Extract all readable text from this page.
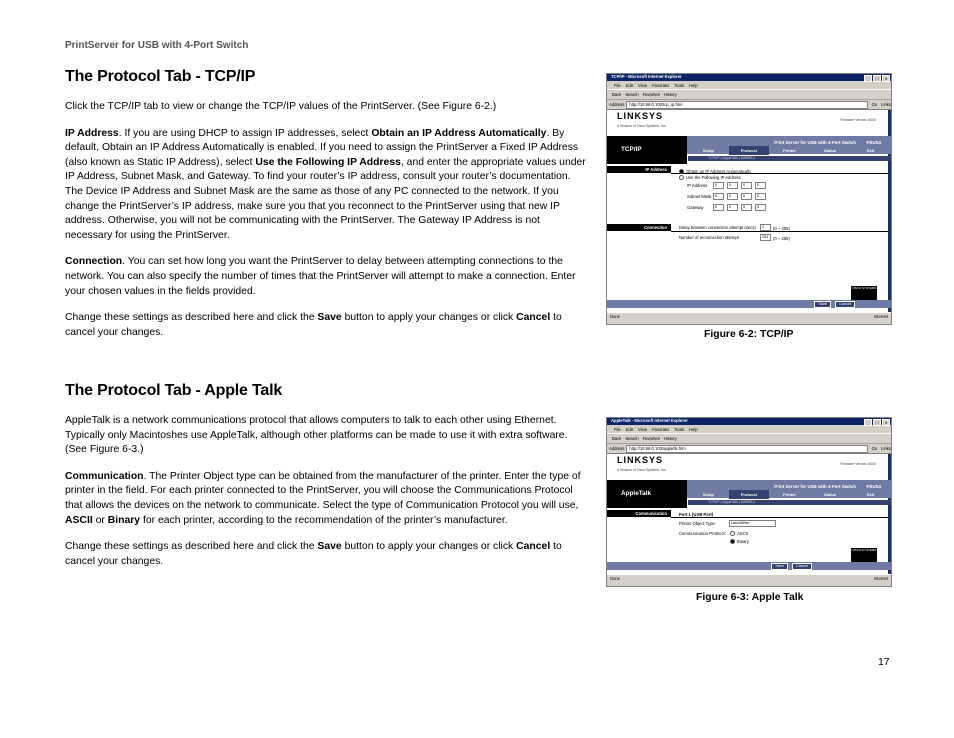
PrintServer for USB with 4-Port Switch
The Protocol Tab - TCP/IP

Click the TCP/IP tab to view or change the TCP/IP values of the PrintServer. (See Figure 6-2.)

IP Address. If you are using DHCP to assign IP addresses, select Obtain an IP Address Automatically. By default, Obtain an IP Address Automatically is enabled. If you need to assign the PrintServer a Fixed IP Address (also known as Static IP Address), select Use the Following IP Address, and enter the appropriate values under IP Address, Subnet Mask, and Gateway. To find your router’s IP address, consult your router’s documentation. The Device IP Address and Subnet Mask are the same as those of any PC connected to the network. If you change the PrintServer’s IP address, make sure you that you reconnect to the PrintServer using that new IP address. Otherwise, you will not be communicating with the PrintServer. The Gateway IP Address is not necessary for using the PrintServer.

Connection. You can set how long you want the PrintServer to delay between attempting connections to the network. You can also specify the number of times that the PrintServer will attempt to make a connection. Enter your chosen values in the fields provided.

Change these settings as described here and click the Save button to apply your changes or click Cancel to cancel your changes.

The Protocol Tab - Apple Talk

AppleTalk is a network communications protocol that allows computers to talk to each other using Ethernet. Typically only Macintoshes use AppleTalk, although other platforms can be made to use it with extra software. (See Figure 6-3.)

Communication. The Printer Object type can be obtained from the manufacturer of the printer. Enter the type of printer in the field. For each printer connected to the PrintServer, you will choose the Communications Protocol that allows the devices on the network to communicate. Select the type of Communication Protocol you will use, ASCII or Binary for each printer, according to the recommendation of the printer’s manufacturer.

Change these settings as described here and click the Save button to apply your changes or click Cancel to cancel your changes.

TCP/IP - Microsoft Internet Explorer	_	□	×
File Edit View Favorites Tools Help
Back Search Favorites History
Address	http://10.99.0.100/tcp_ip.htm	Go Links
LINKSYS
A Division of Cisco Systems, Inc.
Firmware Version: 6034
TCP/IP
Print Server for USB with 4-Port Switch PSUS4
Setup	Protocol	Printer	Status	Exit
TCP/IP | AppleTalk | NetBEUI
IP Address	Obtain an IP Address Automatically
Use the Following IP Address
IP Address	0	0	0	0
Subnet Mask 0	0	0	0
Gateway	0	0	0	0
Connection	Delay between connection attempt (secs)	2	(0 ~ 255)
Number of reconnection attempt	254	(0 ~ 255)
CISCO SYSTEMS
Save	Cancel
Done	Internet
Figure 6-2: TCP/IP
AppleTalk - Microsoft Internet Explorer	_	□	×
File Edit View Favorites Tools Help
Back Search Favorites History
Address	http://10.99.0.100/appletlk.htm	Go Links
LINKSYS
A Division of Cisco Systems, Inc.
Firmware Version: 6034
AppleTalk
Print Server for USB with 4-Port Switch PSUS4
Setup	Protocol	Printer	Status	Exit
TCP/IP | AppleTalk | NetBEUI
Communication	Port 1 (USB Port)
Printer Object Type:	LaserWriter
Communication Protocol:	ASCII
Binary
CISCO SYSTEMS
Save	Cancel
Done	Internet
Figure 6-3: Apple Talk
17
